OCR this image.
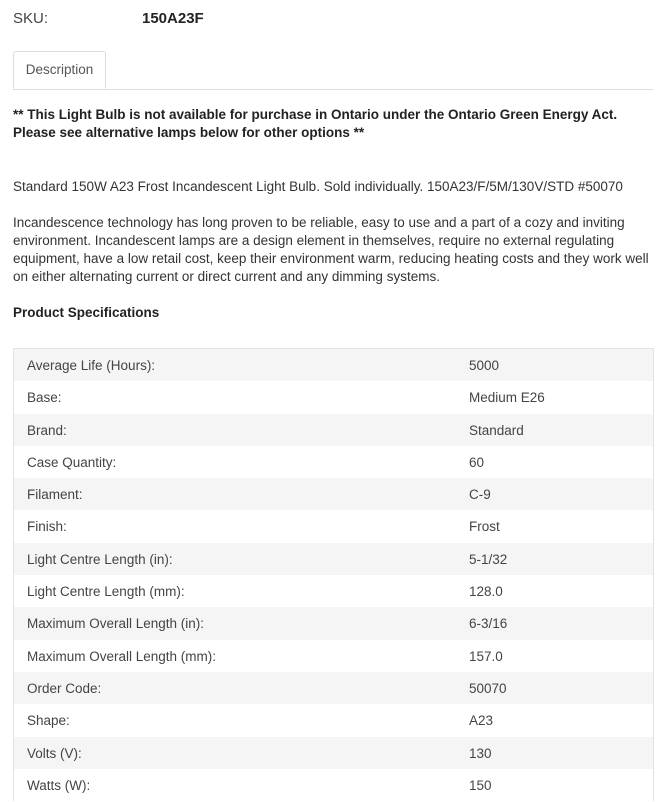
SKU:	150A23F
Description
** This Light Bulb is not available for purchase in Ontario under the Ontario Green Energy Act. Please see alternative lamps below for other options **
Standard 150W A23 Frost Incandescent Light Bulb. Sold individually. 150A23/F/5M/130V/STD #50070
Incandescence technology has long proven to be reliable, easy to use and a part of a cozy and inviting environment. Incandescent lamps are a design element in themselves, require no external regulating equipment, have a low retail cost, keep their environment warm, reducing heating costs and they work well on either alternating current or direct current and any dimming systems.
Product Specifications
Average Life (Hours):	5000
Base:	Medium E26
Brand:	Standard
Case Quantity:	60
Filament:	C-9
Finish:	Frost
Light Centre Length (in):	5-1/32
Light Centre Length (mm):	128.0
Maximum Overall Length (in):	6-3/16
Maximum Overall Length (mm):	157.0
Order Code:	50070
Shape:	A23
Volts (V):	130
Watts (W):	150
